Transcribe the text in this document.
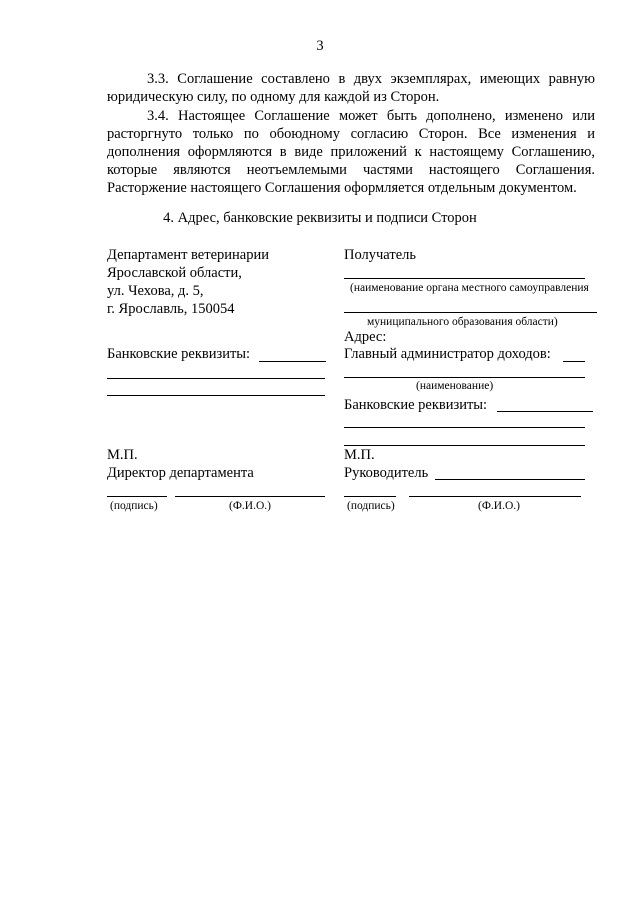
3
3.3. Соглашение составлено в двух экземплярах, имеющих равную юридическую силу, по одному для каждой из Сторон.
3.4. Настоящее Соглашение может быть дополнено, изменено или расторгнуто только по обоюдному согласию Сторон. Все изменения и дополнения оформляются в виде приложений к настоящему Соглашению, которые являются неотъемлемыми частями настоящего Соглашения. Расторжение настоящего Соглашения оформляется отдельным документом.
4. Адрес, банковские реквизиты и подписи Сторон
Департамент ветеринарии
Ярославской области,
ул. Чехова, д. 5,
г. Ярославль, 150054
Банковские реквизиты:
М.П.
Директор департамента
(подпись)	(Ф.И.О.)
Получатель
(наименование органа местного самоуправления
муниципального образования области)
Адрес:
Главный администратор доходов:
(наименование)
Банковские реквизиты:
М.П.
Руководитель
(подпись)	(Ф.И.О.)
